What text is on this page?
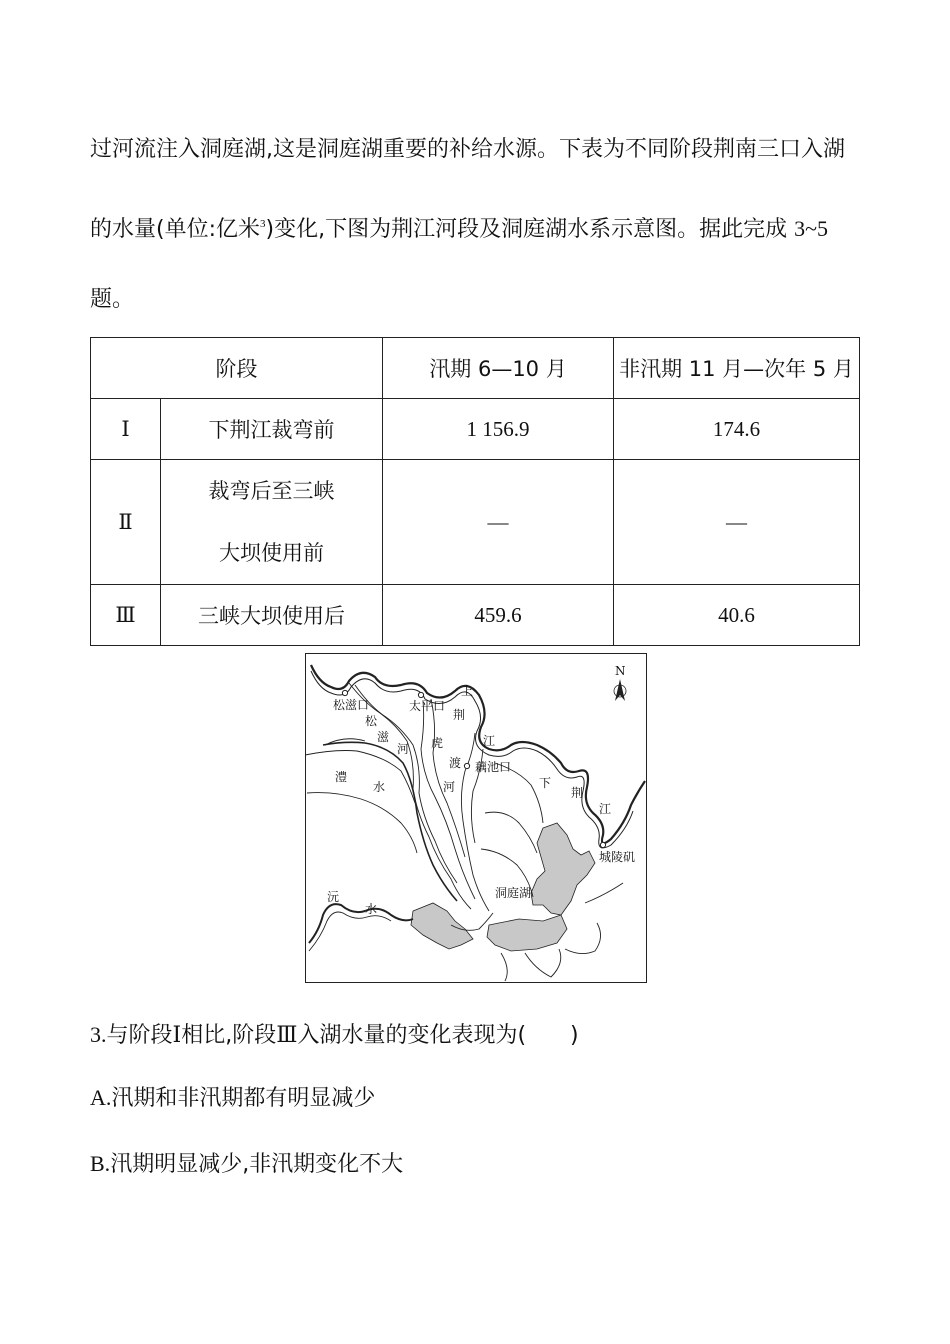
过河流注入洞庭湖,这是洞庭湖重要的补给水源。下表为不同阶段荆南三口入湖

的水量(单位:亿米$^3$)变化,下图为荆江河段及洞庭湖水系示意图。据此完成 3~5

题。

阶段		汛期 6—10 月	非汛期 11 月—次年 5 月
Ⅰ	下荆江裁弯前	1 156.9	174.6
Ⅱ	裁弯后至三峡
大坝使用前	—	—
Ⅲ	三峡大坝使用后	459.6	40.6
N
松滋口	太平口
藕池口
城陵矶
松
滋
河 虎
渡
河
上
荆
江
下
荆
江
澧
水
沅
水
洞庭湖

3.与阶段Ⅰ相比,阶段Ⅲ入湖水量的变化表现为( )

A.汛期和非汛期都有明显减少

B.汛期明显减少,非汛期变化不大
